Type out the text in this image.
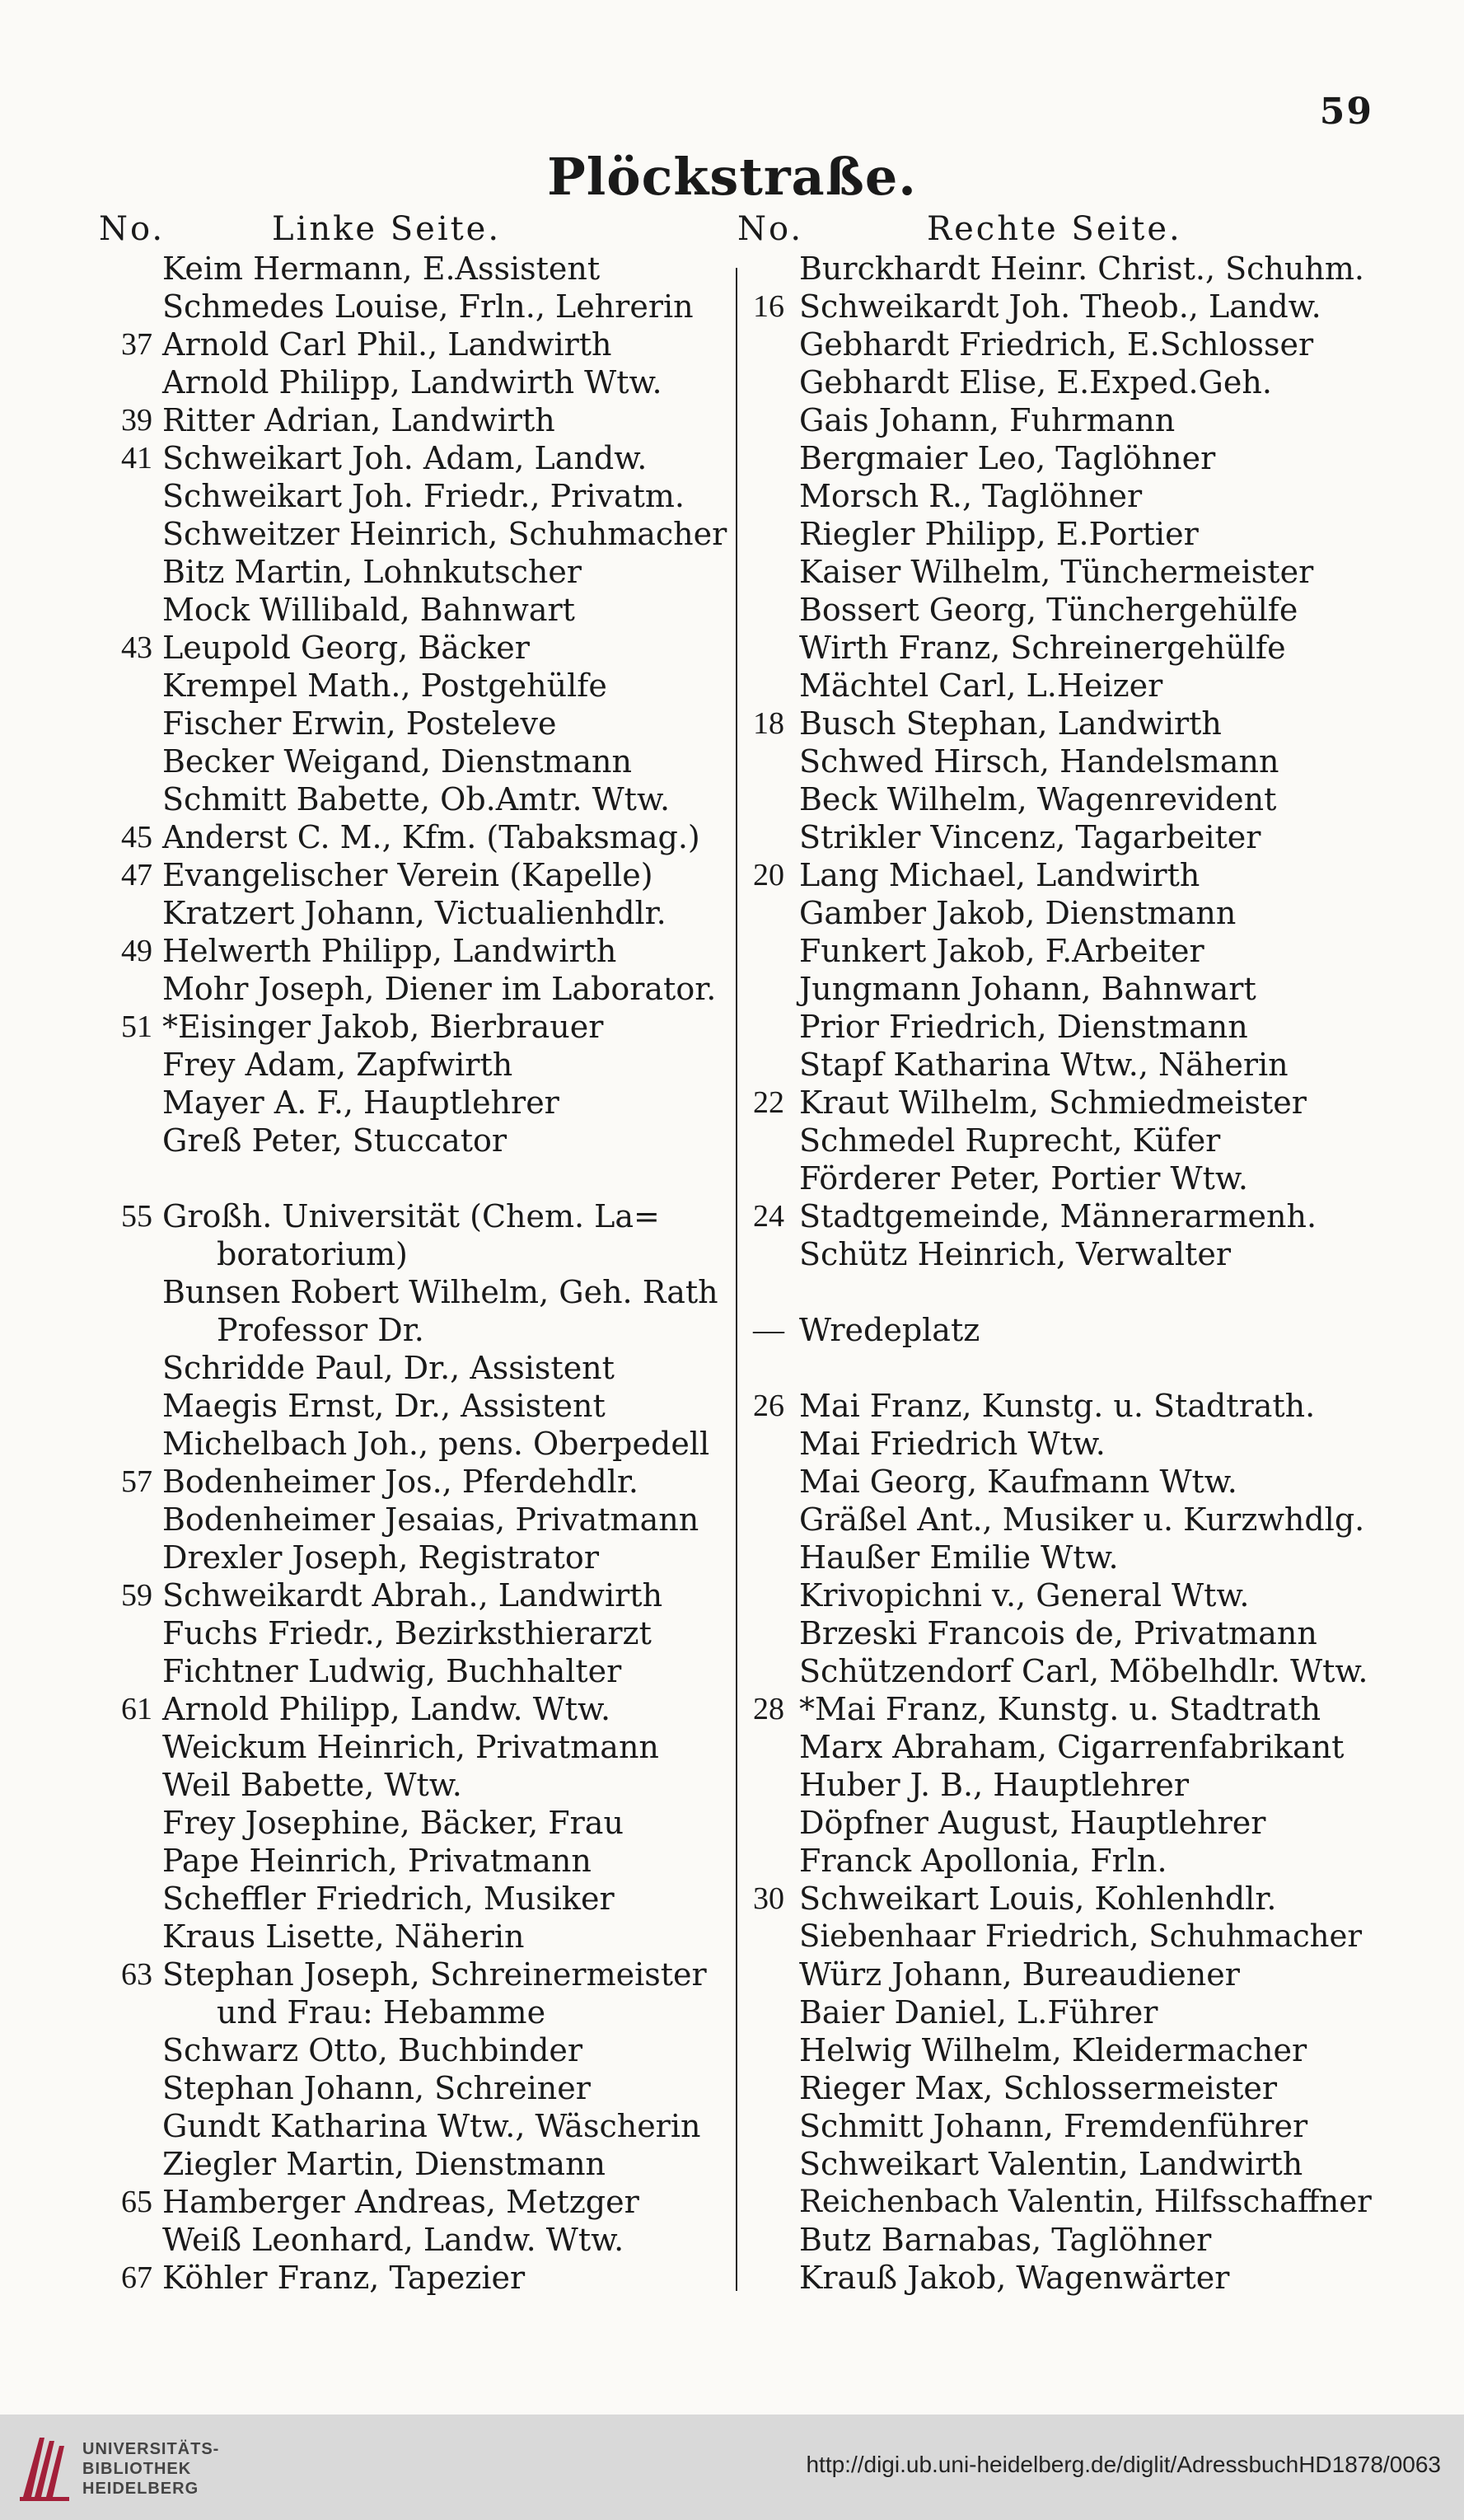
59
Plöckstraße.
No.	Linke Seite.	No.	Rechte Seite.
Keim Hermann, E.Assistent
Schmedes Louise, Frln., Lehrerin
37 Arnold Carl Phil., Landwirth
Arnold Philipp, Landwirth Wtw.
39 Ritter Adrian, Landwirth
41 Schweikart Joh. Adam, Landw.
Schweikart Joh. Friedr., Privatm.
Schweitzer Heinrich, Schuhmacher
Bitz Martin, Lohnkutscher
Mock Willibald, Bahnwart
43 Leupold Georg, Bäcker
Krempel Math., Postgehülfe
Fischer Erwin, Posteleve
Becker Weigand, Dienstmann
Schmitt Babette, Ob.Amtr. Wtw.
45 Anderst C. M., Kfm. (Tabaksmag.)
47 Evangelischer Verein (Kapelle)
Kratzert Johann, Victualienhdlr.
49 Helwerth Philipp, Landwirth
Mohr Joseph, Diener im Laborator.
51 *Eisinger Jakob, Bierbrauer
Frey Adam, Zapfwirth
Mayer A. F., Hauptlehrer
Greß Peter, Stuccator
55 Großh. Universität (Chem. La=
boratorium)
Bunsen Robert Wilhelm, Geh. Rath
Professor Dr.
Schridde Paul, Dr., Assistent
Maegis Ernst, Dr., Assistent
Michelbach Joh., pens. Oberpedell
57 Bodenheimer Jos., Pferdehdlr.
Bodenheimer Jesaias, Privatmann
Drexler Joseph, Registrator
59 Schweikardt Abrah., Landwirth
Fuchs Friedr., Bezirksthierarzt
Fichtner Ludwig, Buchhalter
61 Arnold Philipp, Landw. Wtw.
Weickum Heinrich, Privatmann
Weil Babette, Wtw.
Frey Josephine, Bäcker, Frau
Pape Heinrich, Privatmann
Scheffler Friedrich, Musiker
Kraus Lisette, Näherin
63 Stephan Joseph, Schreinermeister
und Frau: Hebamme
Schwarz Otto, Buchbinder
Stephan Johann, Schreiner
Gundt Katharina Wtw., Wäscherin
Ziegler Martin, Dienstmann
65 Hamberger Andreas, Metzger
Weiß Leonhard, Landw. Wtw.
67 Köhler Franz, Tapezier
Burckhardt Heinr. Christ., Schuhm.
16 Schweikardt Joh. Theob., Landw.
Gebhardt Friedrich, E.Schlosser
Gebhardt Elise, E.Exped.Geh.
Gais Johann, Fuhrmann
Bergmaier Leo, Taglöhner
Morsch R., Taglöhner
Riegler Philipp, E.Portier
Kaiser Wilhelm, Tünchermeister
Bossert Georg, Tünchergehülfe
Wirth Franz, Schreinergehülfe
Mächtel Carl, L.Heizer
18 Busch Stephan, Landwirth
Schwed Hirsch, Handelsmann
Beck Wilhelm, Wagenrevident
Strikler Vincenz, Tagarbeiter
20 Lang Michael, Landwirth
Gamber Jakob, Dienstmann
Funkert Jakob, F.Arbeiter
Jungmann Johann, Bahnwart
Prior Friedrich, Dienstmann
Stapf Katharina Wtw., Näherin
22 Kraut Wilhelm, Schmiedmeister
Schmedel Ruprecht, Küfer
Förderer Peter, Portier Wtw.
24 Stadtgemeinde, Männerarmenh.
Schütz Heinrich, Verwalter
— Wredeplatz
26 Mai Franz, Kunstg. u. Stadtrath.
Mai Friedrich Wtw.
Mai Georg, Kaufmann Wtw.
Gräßel Ant., Musiker u. Kurzwhdlg.
Haußer Emilie Wtw.
Krivopichni v., General Wtw.
Brzeski Francois de, Privatmann
Schützendorf Carl, Möbelhdlr. Wtw.
28 *Mai Franz, Kunstg. u. Stadtrath
Marx Abraham, Cigarrenfabrikant
Huber J. B., Hauptlehrer
Döpfner August, Hauptlehrer
Franck Apollonia, Frln.
30 Schweikart Louis, Kohlenhdlr.
Siebenhaar Friedrich, Schuhmacher
Würz Johann, Bureaudiener
Baier Daniel, L.Führer
Helwig Wilhelm, Kleidermacher
Rieger Max, Schlossermeister
Schmitt Johann, Fremdenführer
Schweikart Valentin, Landwirth
Reichenbach Valentin, Hilfsschaffner
Butz Barnabas, Taglöhner
Krauß Jakob, Wagenwärter
UNIVERSITÄTS-
BIBLIOTHEK
HEIDELBERG
http://digi.ub.uni-heidelberg.de/diglit/AdressbuchHD1878/0063
